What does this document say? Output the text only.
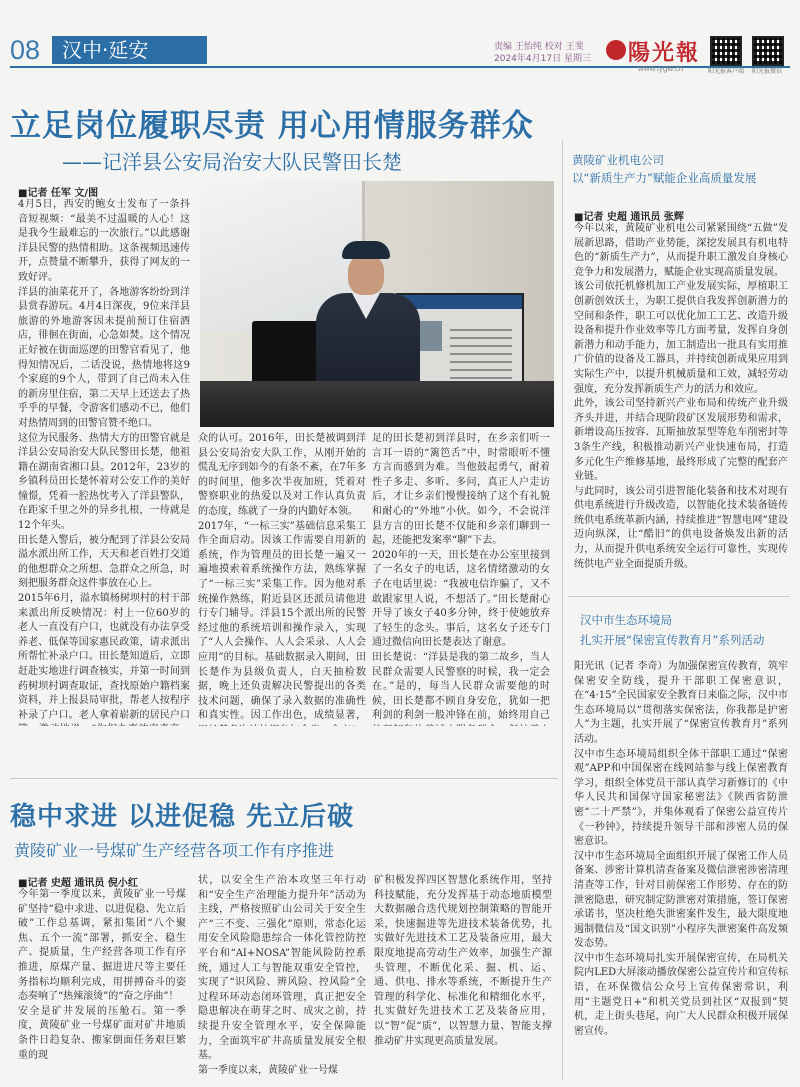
08	汉中·延安	责编 王怡纯 校对 王斐
2024年4月17日 星期三 陽光報
www.iygw.cn	阳光报客户端 阳光报微信
立足岗位履职尽责 用心用情服务群众
——记洋县公安局治安大队民警田长楚
■记者 任军 文/图
4月5日，西安的鲍女士发布了一条抖音短视频：“最美不过温暖的人心！这是我今生最难忘的一次旅行。”以此感谢洋县民警的热情相助。这条视频迅速传开，点赞量不断攀升，获得了网友的一致好评。
洋县的油菜花开了，各地游客纷纷到洋县赏春游玩。4月4日深夜，9位来洋县旅游的外地游客因未提前预订住宿酒店，徘徊在街面，心急如焚。这个情况正好被在街面巡逻的田警官看见了，他得知情况后，二话没说，热情地将这9个家庭的9个人，带到了自己尚未入住的新房里住宿，第二天早上还送去了热乎乎的早餐，令游客们感动不已，他们对热情周到的田警官赞不绝口。
这位为民服务、热情大方的田警官就是洋县公安局治安大队民警田长楚，他祖籍在湖南省湘口县。2012年，23岁的乡镇科员田长楚怀着对公安工作的美好憧憬，凭着一腔热忱考入了洋县警队，在距家千里之外的异乡扎根，一待就是12个年头。
田长楚入警后，被分配到了洋县公安局溢水派出所工作，天天和老百姓打交道的他想群众之所想、急群众之所急，时刻把服务群众这件事放在心上。
2015年6月，溢水镇杨树坝村的村干部来派出所反映情况：村上一位60岁的老人一直没有户口，也就没有办法享受养老、低保等国家惠民政策，请求派出所帮忙补录户口。田长楚知道后，立即赶赴实地进行调查核实，并第一时间到药树坝村调查取证，查找原始户籍档案资料，并上报县局审批，帮老人按程序补录了户口。老人拿着崭新的居民户口

众的认可。2016年，田长楚被调到洋县公安局治安大队工作，从刚开始的慌乱无序到如今的有条不紊，在7年多的时间里，他多次半夜加班，凭着对警察职业的热爱以及对工作认真负责的态度，练就了一身的内勤好本领。
2017年，“一标三实”基础信息采集工作全面启动。因该工作需要自用新的系统，作为管理员的田长楚一遍又一遍地摸索着系统操作方法，熟练掌握了“一标三实”采集工作。因为他对系统操作熟练，附近县区还派员请他进行专门辅导。洋县15个派出所的民警经过他的系统培训和操作录入，实现了“人人会操作、人人会采录、人人会应用”的目标。基础数据录入期间，田长楚作为县级负责人，白天抽检数据，晚上还负责解决民警提出的各类技术问题，确保了录入数据的准确性和真实性。因工作出色，成绩显著，

足的田长楚初到洋县时，在乡亲们听一言耳一语的“篱笆舌”中，时常眼听不懂方言而感到为难。当他鼓起勇气，耐着性子多走、多听、多问，真正人户走访后，才让乡亲们慢慢接纳了这个有礼貌和耐心的“外地”小伙。如今，不会说洋县方言的田长楚不仅能和乡亲们聊到一起，还能把发案率“聊”下去。
2020年的一天，田长楚在办公室里接到了一名女子的电话，这名情绪激动的女子在电话里说：“我被电信诈骗了，又不敢跟家里人说，不想活了。”田长楚耐心开导了该女子40多分钟，终于使她放弃了轻生的念头。事后，这名女子还专门通过微信向田长楚表达了谢意。
田长楚说：“洋县是我的第二故乡，当人民群众需要人民警察的时候，我一定会在。”是的，每当人民群众需要他的时候，田长楚都不顾自身安危，犹如一把利剑的利剑一般冲锋在前，始终用自己
黄陵矿业机电公司
以“新质生产力”赋能企业高质量发展
■记者 史超 通讯员 张辉
今年以来，黄陵矿业机电公司紧紧围绕“五做”发展新思路，借助产业势能，深挖发展具有机电特色的“新质生产力”，从而提升职工激发自身核心竞争力和发展潜力，赋能企业实现高质量发展。
该公司依托机修机加工产业发展实际，厚植职工创新创效沃土，为职工提供自我发挥创新潜力的空间和条件，职工可以优化加工工艺、改造升级设备和提升作业效率等几方面考量，发挥自身创新潜力和动手能力，加工制造出一批具有实用推广价值的设备及工器具，并持续创新成果应用到实际生产中，以提升机械质量和工效，减轻劳动强度，充分发挥新质生产力的活力和效应。
此外，该公司坚持新兴产业布局和传统产业升级齐头并进，并结合现阶段矿区发展形势和需求，新增设高压按容、瓦斯抽放泵型等危车削密封等3条生产线，积极推动新兴产业快速布局，打造多元化生产维修基地，最终形成了完整的配套产业链。
与此同时，该公司引进智能化装备和技术对现有供电系统进行升级改造，以智能化技术装备链传统供电系统革新内涵，持续推进“智慧电网”建设迈向纵深，让“酷旧”的供电设备焕发出新的活力，从而提升供电系统安全运行可靠性，实现传统供电产业全面提质升级。
汉中市生态环境局
扎实开展“保密宣传教育月”系列活动
阳光讯（记者 李奇）为加强保密宣传教育，筑牢保密安全防线，提升干部职工保密意识，在“4·15”全民国家安全教育日来临之际，汉中市生态环境局以“贯彻落实保密法，你我都是护密人”为主题，扎实开展了“保密宣传教育月”系列活动。
汉中市生态环境局组织全体干部职工通过“保密观”APP和中国保密在线网站参与线上保密教育学习，组织全体党员干部认真学习新修订的《中华人民共和国保守国家秘密法》《陕西省防泄密“二十严禁”》，并集体观看了保密公益宣传片《一秒钟》，持续提升领导干部和涉密人员的保密意识。
汉中市生态环境局全面组织开展了保密工作人员备案、涉密计算机清查备案及微信泄密涉密清理清查等工作，针对目前保密工作形势、存在的防泄密隐患，研究制定防泄密对策措施，签订保密承诺书，坚决杜绝失泄密案件发生，最大限度地遏制微信及“国文识别”小程序失泄密案件高发频发态势。
汉中市生态环境局扎实开展保密宣传，在局机关院内LED大屏滚动播放保密公益宣传片和宣传标语，在环保微信公众号上宣传保密常识，利用“主题党日+”和机关党员到社区“双报到”契机，走上街头巷尾，向广大人民群众积极开展保密宣传。
稳中求进 以进促稳 先立后破
黄陵矿业一号煤矿生产经营各项工作有序推进
■记者 史超 通讯员 倪小红
今年第一季度以来，黄陵矿业一号煤矿坚持“稳中求进、以进促稳、先立后破”工作总基调，紧扣集团“八个聚焦、五个一流”部署，抓安全、稳生产、提质量，生产经营各项工作有序推进，原煤产量、掘进进尺等主要任务指标均顺利完成，用拼搏奋斗的姿态奏响了“热辣滚烫”的“奋之序曲”！
安全是矿井发展的压舱石。第一季度，黄陵矿业一号煤矿面对矿井地质条件日趋复杂、搬家倒面任务艰巨繁重的现
状，以安全生产治本攻坚三年行动和“安全生产治理能力提升年”活动为主线，严格按照矿山公司关于安全生产“三不变、三强化”原则，常态化运用安全风险隐患综合一体化管控防控平台和“AI+NOSA”智能风险防控系统，通过人工与智能双重安全管控，实现了“识风险、辨风险、控风险”全过程环环动态闭环管理，真正把安全隐患解决在萌芽之时、成灾之前，持续提升安全管理水平，安全保障能力，全面筑牢矿井高质量发展安全根基。
第一季度以来，黄陵矿业一号煤
矿积极发挥四区智慧化系统作用，坚持科技赋能，充分发挥基于动态地质模型大数据融合迭代规划控制策略的智能开采，快速掘进等先进技术装备优势，扎实做好先进技术工艺及装备应用，最大限度地提高劳动生产效率，加强生产源头管理，不断优化采、掘、机、运、通、供电、排水等系统，不断提升生产管理的科学化、标准化和精细化水平，扎实做好先进技术工艺及装备应用，以“智”促“质”，以智慧力量、智能支撑推动矿井实现更高质量发展。
